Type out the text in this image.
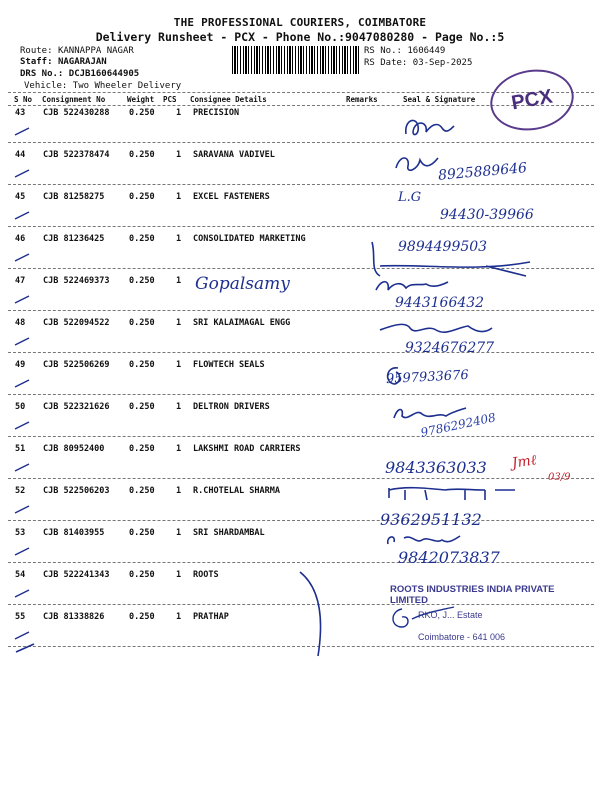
THE PROFESSIONAL COURIERS, COIMBATORE
Delivery Runsheet - PCX - Phone No.:9047080280 - Page No.:5
Route: KANNAPPA NAGAR
Staff: NAGARAJAN
DRS No.: DCJB160644905
Vehicle: Two Wheeler Delivery
RS No.: 1606449
RS Date: 03-Sep-2025
S No Consignment No	Weight PCS Consignee Details	Remarks	Seal & Signature
43 CJB 522430288 0.250	1 PRECISION
44 CJB 522378474 0.250	1 SARAVANA VADIVEL
45 CJB 81258275	0.250	1 EXCEL FASTENERS
46 CJB 81236425	0.250	1 CONSOLIDATED MARKETING
47 CJB 522469373 0.250	1
48 CJB 522094522 0.250	1 SRI KALAIMAGAL ENGG
49 CJB 522506269 0.250	1 FLOWTECH SEALS
50 CJB 522321626 0.250	1 DELTRON DRIVERS
51 CJB 80952400	0.250	1 LAKSHMI ROAD CARRIERS
52 CJB 522506203 0.250	1 R.CHOTELAL SHARMA
53 CJB 81403955	0.250	1 SRI SHARDAMBAL
54 CJB 522241343 0.250	1 ROOTS
55 CJB 81338826	0.250	1 PRATHAP
Gopalsamy
8925889646
L.G
94430-39966
9894499503
9443166432
9324676277
9597933676
9786292408
9843363033 Jmℓ
03/9
9362951132
9842073837
PCX
ROOTS INDUSTRIES INDIA PRIVATE LIMITED
RKO, J... Estate
Coimbatore - 641 006
